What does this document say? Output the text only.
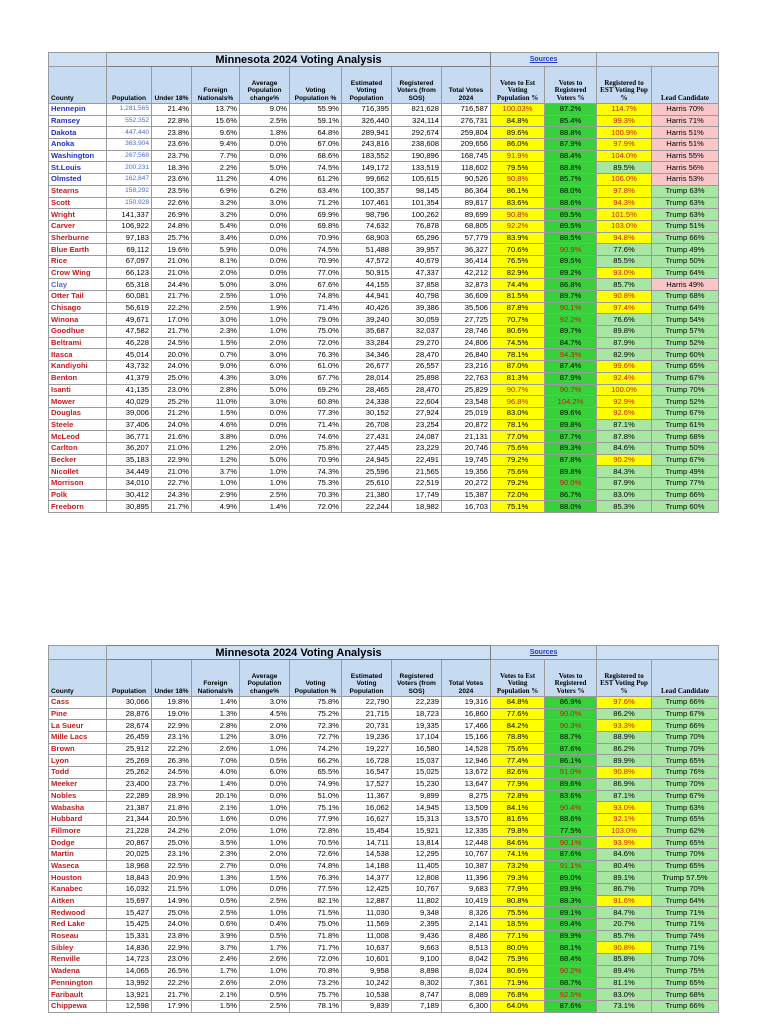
	Minnesota 2024 Voting Analysis								Sources			
County	Population	Under 18%	Foreign Nationals%	Average Population change%	Voting Population %	Estimated Voting Population	Registered Voters (from SOS)	Total Votes 2024	Votes to Est Voting Population %	Votes to Registered Voters %	Registered to EST Voting Pop %	Lead Candidate
Hennepin	1,281,565	21.4%	13.7%	9.0%	55.9%	716,395	821,628	716,587	100.03%	87.2%	114.7%	Harris 70%
Ramsey	552,352	22.8%	15.6%	2.5%	59.1%	326,440	324,114	276,731	84.8%	85.4%	99.3%	Harris 71%
Dakota	447,440	23.8%	9.6%	1.8%	64.8%	289,941	292,674	259,804	89.6%	88.8%	100.9%	Harris 51%
Anoka	363,904	23.6%	9.4%	0.0%	67.0%	243,816	238,608	209,656	86.0%	87.9%	97.9%	Harris 51%
Washington	267,568	23.7%	7.7%	0.0%	68.6%	183,552	190,896	168,745	91.9%	88.4%	104.0%	Harris 55%
St.Louis	200,231	18.3%	2.2%	5.0%	74.5%	149,172	133,519	118,602	79.5%	88.8%	89.5%	Harris 56%
Olmsted	162,847	23.6%	11.2%	4.0%	61.2%	99,662	105,615	90,526	90.8%	85.7%	106.0%	Harris 53%
Stearns	158,292	23.5%	6.9%	6.2%	63.4%	100,357	98,145	86,364	86.1%	88.0%	97.8%	Trump 63%
Scott	150,928	22.6%	3.2%	3.0%	71.2%	107,461	101,354	89,817	83.6%	88.6%	94.3%	Trump 63%
Wright	141,337	26.9%	3.2%	0.0%	69.9%	98,796	100,262	89,699	90.8%	89.5%	101.5%	Trump 63%
Carver	106,922	24.8%	5.4%	0.0%	69.8%	74,632	76,878	68,805	92.2%	89.5%	103.0%	Trump 51%
Sherburne	97,183	25.7%	3.4%	0.0%	70.9%	68,903	65,296	57,779	83.9%	88.5%	94.8%	Trump 66%
Blue Earth	69,112	19.6%	5.9%	0.0%	74.5%	51,488	39,957	36,327	70.6%	90.9%	77.6%	Trump 49%
Rice	67,097	21.0%	8.1%	0.0%	70.9%	47,572	40,679	36,414	76.5%	89.5%	85.5%	Trump 50%
Crow Wing	66,123	21.0%	2.0%	0.0%	77.0%	50,915	47,337	42,212	82.9%	89.2%	93.0%	Trump 64%
Clay	65,318	24.4%	5.0%	3.0%	67.6%	44,155	37,858	32,873	74.4%	86.8%	85.7%	Harris 49%
Otter Tail	60,081	21.7%	2.5%	1.0%	74.8%	44,941	40,798	36,609	81.5%	89.7%	90.8%	Trump 68%
Chisago	56,619	22.2%	2.5%	1.9%	71.4%	40,426	39,386	35,506	87.8%	90.1%	97.4%	Trump 64%
Winona	49,671	17.0%	3.0%	1.0%	79.0%	39,240	30,059	27,725	70.7%	92.2%	76.6%	Trump 54%
Goodhue	47,582	21.7%	2.3%	1.0%	75.0%	35,687	32,037	28,746	80.6%	89.7%	89.8%	Trump 57%
Beltrami	46,228	24.5%	1.5%	2.0%	72.0%	33,284	29,270	24,806	74.5%	84.7%	87.9%	Trump 52%
Itasca	45,014	20.0%	0.7%	3.0%	76.3%	34,346	28,470	26,840	78.1%	94.3%	82.9%	Trump 60%
Kandiyohi	43,732	24.0%	9.0%	6.0%	61.0%	26,677	26,557	23,216	87.0%	87.4%	99.6%	Trump 65%
Benton	41,379	25.0%	4.3%	3.0%	67.7%	28,014	25,898	22,763	81.3%	87.9%	92.4%	Trump 67%
Isanti	41,135	23.0%	2.8%	5.0%	69.2%	28,465	28,470	25,829	90.7%	90.7%	100.0%	Trump 70%
Mower	40,029	25.2%	11.0%	3.0%	60.8%	24,338	22,604	23,548	96.8%	104.2%	92.9%	Trump 52%
Douglas	39,006	21.2%	1.5%	0.0%	77.3%	30,152	27,924	25,019	83.0%	89.6%	92.6%	Trump 67%
Steele	37,406	24.0%	4.6%	0.0%	71.4%	26,708	23,254	20,872	78.1%	89.8%	87.1%	Trump 61%
McLeod	36,771	21.6%	3.8%	0.0%	74.6%	27,431	24,087	21,131	77.0%	87.7%	87.8%	Trump 68%
Carlton	36,207	21.0%	1.2%	2.0%	75.8%	27,445	23,229	20,746	75.6%	89.3%	84.6%	Trump 50%
Becker	35,183	22.9%	1.2%	5.0%	70.9%	24,945	22,491	19,745	79.2%	87.8%	90.2%	Trump 67%
Nicollet	34,449	21.0%	3.7%	1.0%	74.3%	25,596	21,565	19,356	75.6%	89.8%	84.3%	Trump 49%
Morrison	34,010	22.7%	1.0%	1.0%	75.3%	25,610	22,519	20,272	79.2%	90.0%	87.9%	Trump 77%
Polk	30,412	24.3%	2.9%	2.5%	70.3%	21,380	17,749	15,387	72.0%	86.7%	83.0%	Trump 66%
Freeborn	30,895	21.7%	4.9%	1.4%	72.0%	22,244	18,982	16,703	75.1%	88.0%	85.3%	Trump 60%
	Minnesota 2024 Voting Analysis								Sources			
County	Population	Under 18%	Foreign Nationals%	Average Population change%	Voting Population %	Estimated Voting Population	Registered Voters (from SOS)	Total Votes 2024	Votes to Est Voting Population %	Votes to Registered Voters %	Registered to EST Voting Pop %	Lead Candidate
Cass	30,066	19.8%	1.4%	3.0%	75.8%	22,790	22,239	19,316	84.8%	86.9%	97.6%	Trump 66%
Pine	28,876	19.0%	1.3%	4.5%	75.2%	21,715	18,723	16,860	77.6%	90.0%	86.2%	Trump 67%
La Sueur	28,674	22.9%	2.8%	2.0%	72.3%	20,731	19,335	17,466	84.2%	90.3%	93.3%	Trump 66%
Mille Lacs	26,459	23.1%	1.2%	3.0%	72.7%	19,236	17,104	15,166	78.8%	88.7%	88.9%	Trump 70%
Brown	25,912	22.2%	2.6%	1.0%	74.2%	19,227	16,580	14,528	75.6%	87.6%	86.2%	Trump 70%
Lyon	25,269	26.3%	7.0%	0.5%	66.2%	16,728	15,037	12,946	77.4%	86.1%	89.9%	Trump 65%
Todd	25,262	24.5%	4.0%	6.0%	65.5%	16,547	15,025	13,672	82.6%	91.0%	90.8%	Trump 76%
Meeker	23,400	23.7%	1.4%	0.0%	74.9%	17,527	15,230	13,647	77.9%	89.6%	86.9%	Trump 70%
Nobles	22,289	28.9%	20.1%	0.0%	51.0%	11,367	9,899	8,275	72.8%	83.6%	87.1%	Trump 67%
Wabasha	21,387	21.8%	2.1%	1.0%	75.1%	16,062	14,945	13,509	84.1%	90.4%	93.0%	Trump 63%
Hubbard	21,344	20.5%	1.6%	0.0%	77.9%	16,627	15,313	13,570	81.6%	88.6%	92.1%	Trump 65%
Fillmore	21,228	24.2%	2.0%	1.0%	72.8%	15,454	15,921	12,335	79.8%	77.5%	103.0%	Trump 62%
Dodge	20,867	25.0%	3.5%	1.0%	70.5%	14,711	13,814	12,448	84.6%	90.1%	93.9%	Trump 65%
Martin	20,025	23.1%	2.3%	2.0%	72.6%	14,538	12,295	10,767	74.1%	87.6%	84.6%	Trump 70%
Waseca	18,968	22.5%	2.7%	0.0%	74.8%	14,188	11,405	10,387	73.2%	91.1%	80.4%	Trump 65%
Houston	18,843	20.9%	1.3%	1.5%	76.3%	14,377	12,808	11,396	79.3%	89.0%	89.1%	Trump 57.5%
Kanabec	16,032	21.5%	1.0%	0.0%	77.5%	12,425	10,767	9,683	77.9%	89.9%	86.7%	Trump 70%
Aitken	15,697	14.9%	0.5%	2.5%	82.1%	12,887	11,802	10,419	80.8%	88.3%	91.6%	Trump 64%
Redwood	15,427	25.0%	2.5%	1.0%	71.5%	11,030	9,348	8,326	75.5%	89.1%	84.7%	Trump 71%
Red Lake	15,425	24.0%	0.6%	0.4%	75.0%	11,569	2,395	2,141	18.5%	89.4%	20.7%	Trump 71%
Roseau	15,331	23.8%	3.9%	0.5%	71.8%	11,008	9,436	8,486	77.1%	89.9%	85.7%	Trump 74%
Sibley	14,836	22.9%	3.7%	1.7%	71.7%	10,637	9,663	8,513	80.0%	88.1%	90.8%	Trump 71%
Renville	14,723	23.0%	2.4%	2.6%	72.0%	10,601	9,100	8,042	75.9%	88.4%	85.8%	Trump 70%
Wadena	14,065	26.5%	1.7%	1.0%	70.8%	9,958	8,898	8,024	80.6%	90.2%	89.4%	Trump 75%
Pennington	13,992	22.2%	2.6%	2.0%	73.2%	10,242	8,302	7,361	71.9%	88.7%	81.1%	Trump 65%
Faribault	13,921	21.7%	2.1%	0.5%	75.7%	10,538	8,747	8,089	76.8%	92.5%	83.0%	Trump 68%
Chippewa	12,598	17.9%	1.5%	2.5%	78.1%	9,839	7,189	6,300	64.0%	87.6%	73.1%	Trump 66%
